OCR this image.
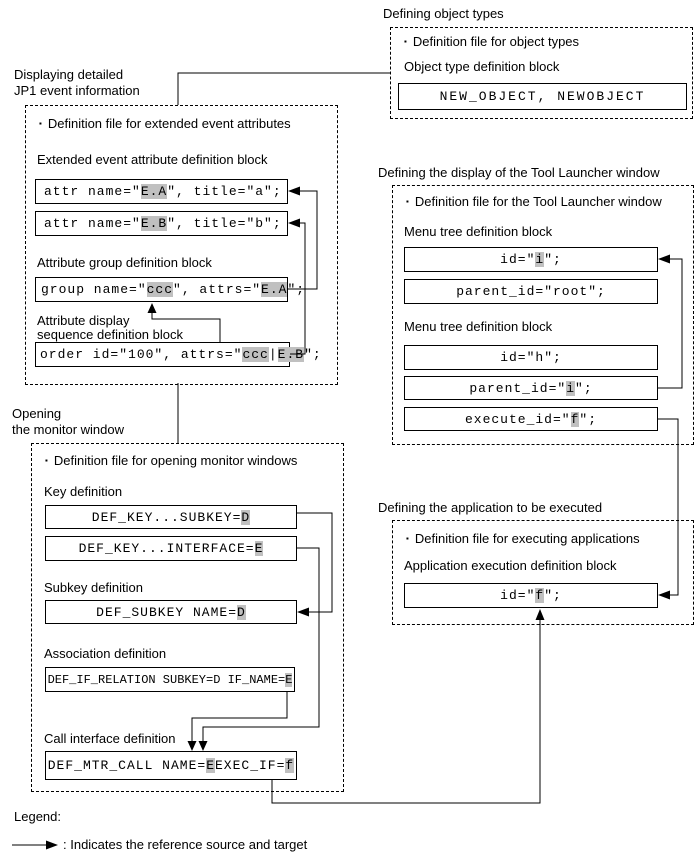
Defining object types
▪ Definition file for object types
Object type definition block
NEW_OBJECT, NEWOBJECT
Displaying detailed
JP1 event information
▪ Definition file for extended event attributes
Extended event attribute definition block
attr name=" E.A ", title="a";
attr name=" E.B ", title="b";
Attribute group definition block
group name=" ccc ", attrs=" E.A ";
Attribute display
sequence definition block
order id="100", attrs=" ccc | E.B ";
Opening
the monitor window
▪ Definition file for opening monitor windows
Key definition
DEF_KEY...SUBKEY= D
DEF_KEY...INTERFACE= E
Subkey definition
DEF_SUBKEY NAME= D
Association definition
DEF_IF_RELATION SUBKEY=D IF_NAME= E
Call interface definition
DEF_MTR_CALL NAME= E EXEC_IF= f
Defining the display of the Tool Launcher window
▪ Definition file for the Tool Launcher window
Menu tree definition block
id=" i ";
parent_id="root";
Menu tree definition block
id="h";
parent_id=" i ";
execute_id=" f ";
Defining the application to be executed
▪ Definition file for executing applications
Application execution definition block
id=" f ";
Legend:
: Indicates the reference source and target
